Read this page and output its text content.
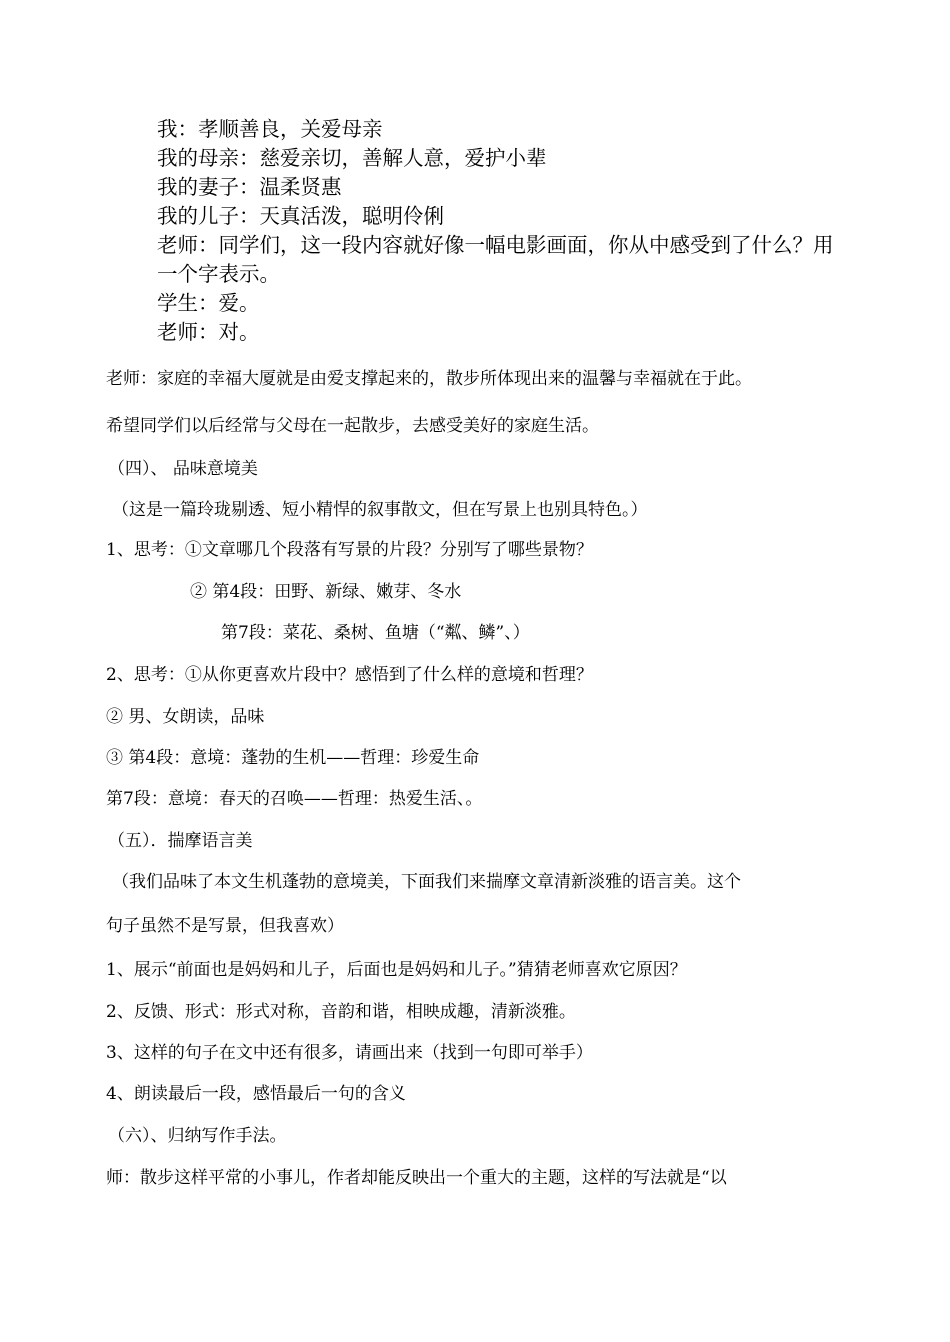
我：孝顺善良，关爱母亲
我的母亲：慈爱亲切，善解人意，爱护小辈
我的妻子：温柔贤惠
我的儿子：天真活泼，聪明伶俐
老师：同学们，这一段内容就好像一幅电影画面，你从中感受到了什么？用
一个字表示。
学生：爱。
老师：对。
老师：家庭的幸福大厦就是由爱支撑起来的，散步所体现出来的温馨与幸福就在于此。
希望同学们以后经常与父母在一起散步，去感受美好的家庭生活。
（四）、 品味意境美
（这是一篇玲珑剔透、短小精悍的叙事散文，但在写景上也别具特色。）
1、思考：①文章哪几个段落有写景的片段？分别写了哪些景物？
② 第4段：田野、新绿、嫩芽、冬水
第7段：菜花、桑树、鱼塘（“粼、鳞”、）
2、思考：①从你更喜欢片段中？感悟到了什么样的意境和哲理？
② 男、女朗读，品味
③ 第4段：意境：蓬勃的生机——哲理：珍爱生命
第7段：意境：春天的召唤——哲理：热爱生活、。
（五）．揣摩语言美
（我们品味了本文生机蓬勃的意境美，下面我们来揣摩文章清新淡雅的语言美。这个
句子虽然不是写景，但我喜欢）
1、展示“前面也是妈妈和儿子，后面也是妈妈和儿子。”猜猜老师喜欢它原因？
2、反馈、形式：形式对称，音韵和谐，相映成趣，清新淡雅。
3、这样的句子在文中还有很多，请画出来（找到一句即可举手）
4、朗读最后一段，感悟最后一句的含义
（六）、归纳写作手法。
师：散步这样平常的小事儿，作者却能反映出一个重大的主题，这样的写法就是“以
